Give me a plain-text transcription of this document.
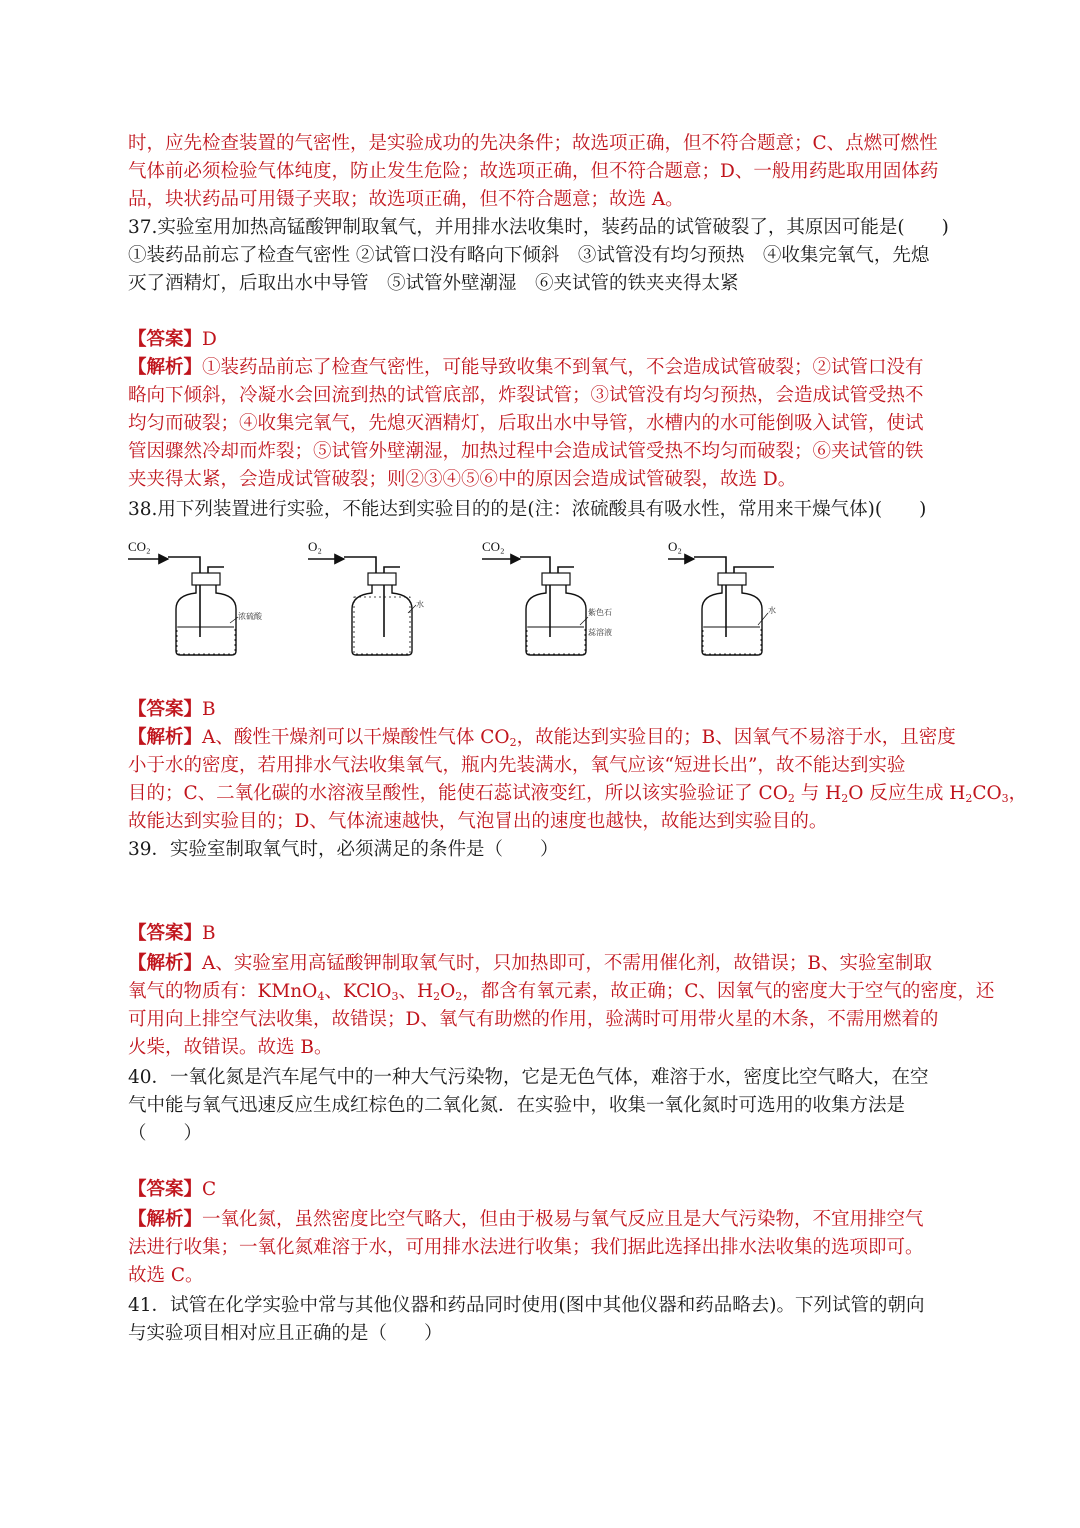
时，应先检查装置的气密性，是实验成功的先决条件；故选项正确，但不符合题意；C、点燃可燃性
气体前必须检验气体纯度，防止发生危险；故选项正确，但不符合题意；D、一般用药匙取用固体药
品，块状药品可用镊子夹取；故选项正确，但不符合题意；故选 A。
37.实验室用加热高锰酸钾制取氧气，并用排水法收集时，装药品的试管破裂了，其原因可能是(　　)
①装药品前忘了检查气密性 ②试管口没有略向下倾斜　③试管没有均匀预热　④收集完氧气，先熄
灭了酒精灯，后取出水中导管　⑤试管外壁潮湿　⑥夹试管的铁夹夹得太紧
【答案】D
【解析】①装药品前忘了检查气密性，可能导致收集不到氧气，不会造成试管破裂；②试管口没有
略向下倾斜，冷凝水会回流到热的试管底部，炸裂试管；③试管没有均匀预热，会造成试管受热不
均匀而破裂；④收集完氧气，先熄灭酒精灯，后取出水中导管，水槽内的水可能倒吸入试管，使试
管因骤然冷却而炸裂；⑤试管外壁潮湿，加热过程中会造成试管受热不均匀而破裂；⑥夹试管的铁
夹夹得太紧，会造成试管破裂；则②③④⑤⑥中的原因会造成试管破裂，故选 D。
38.用下列装置进行实验，不能达到实验目的的是(注：浓硫酸具有吸水性，常用来干燥气体)(　　)
CO₂
浓硫酸
O₂
水
CO₂
紫色石
蕊溶液
O₂
水
【答案】B
【解析】A、酸性干燥剂可以干燥酸性气体 $CO_2$，故能达到实验目的；B、因氧气不易溶于水，且密度
小于水的密度，若用排水气法收集氧气，瓶内先装满水，氧气应该“短进长出”，故不能达到实验
目的；C、二氧化碳的水溶液呈酸性，能使石蕊试液变红，所以该实验验证了 $CO_2$ 与 $H_2O$ 反应生成 $H_2CO_3$，
故能达到实验目的；D、气体流速越快，气泡冒出的速度也越快，故能达到实验目的。
39．实验室制取氧气时，必须满足的条件是（　　）
【答案】B
【解析】A、实验室用高锰酸钾制取氧气时，只加热即可，不需用催化剂，故错误；B、实验室制取
氧气的物质有：KMnO$_4$、KClO$_3$、$H_2O_2$，都含有氧元素，故正确；C、因氧气的密度大于空气的密度，还
可用向上排空气法收集，故错误；D、氧气有助燃的作用，验满时可用带火星的木条，不需用燃着的
火柴，故错误。故选 B。
40．一氧化氮是汽车尾气中的一种大气污染物，它是无色气体，难溶于水，密度比空气略大，在空
气中能与氧气迅速反应生成红棕色的二氧化氮．在实验中，收集一氧化氮时可选用的收集方法是
（　　）
【答案】C
【解析】一氧化氮，虽然密度比空气略大，但由于极易与氧气反应且是大气污染物，不宜用排空气
法进行收集；一氧化氮难溶于水，可用排水法进行收集；我们据此选择出排水法收集的选项即可。
故选 C。
41．试管在化学实验中常与其他仪器和药品同时使用(图中其他仪器和药品略去)。下列试管的朝向
与实验项目相对应且正确的是（　　）
